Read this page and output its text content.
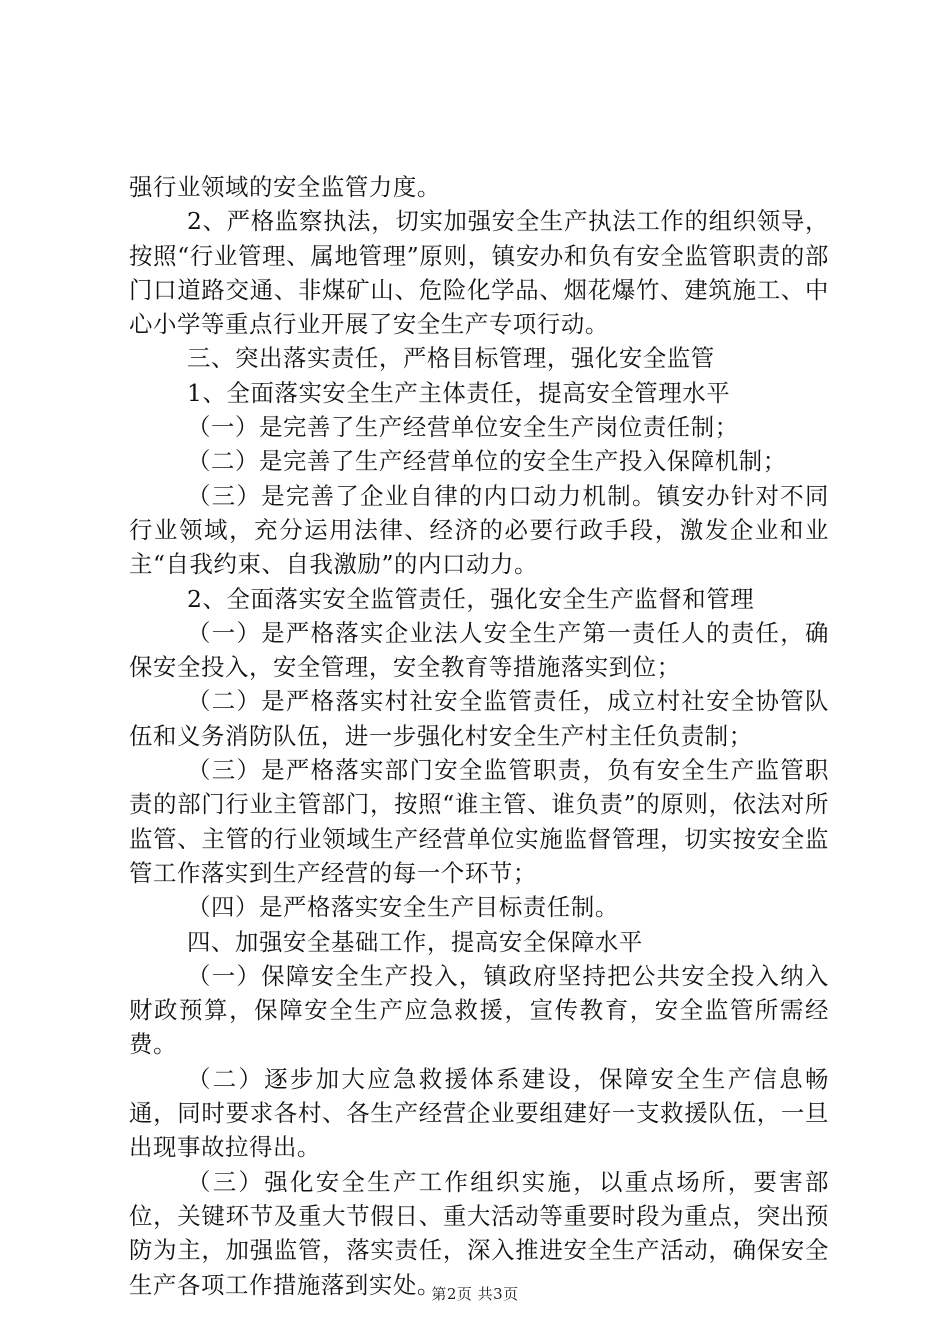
强行业领域的安全监管力度。

2、严格监察执法，切实加强安全生产执法工作的组织领导，按照“行业管理、属地管理”原则，镇安办和负有安全监管职责的部门口道路交通、非煤矿山、危险化学品、烟花爆竹、建筑施工、中心小学等重点行业开展了安全生产专项行动。

三、突出落实责任，严格目标管理，强化安全监管

1、全面落实安全生产主体责任，提高安全管理水平

（一）是完善了生产经营单位安全生产岗位责任制；

（二）是完善了生产经营单位的安全生产投入保障机制；

（三）是完善了企业自律的内口动力机制。镇安办针对不同行业领域，充分运用法律、经济的必要行政手段，激发企业和业主“自我约束、自我激励”的内口动力。

2、全面落实安全监管责任，强化安全生产监督和管理

（一）是严格落实企业法人安全生产第一责任人的责任，确保安全投入，安全管理，安全教育等措施落实到位；

（二）是严格落实村社安全监管责任，成立村社安全协管队伍和义务消防队伍，进一步强化村安全生产村主任负责制；

（三）是严格落实部门安全监管职责，负有安全生产监管职责的部门行业主管部门，按照“谁主管、谁负责”的原则，依法对所监管、主管的行业领域生产经营单位实施监督管理，切实按安全监管工作落实到生产经营的每一个环节；

（四）是严格落实安全生产目标责任制。

四、加强安全基础工作，提高安全保障水平

（一）保障安全生产投入，镇政府坚持把公共安全投入纳入财政预算，保障安全生产应急救援，宣传教育，安全监管所需经费。

（二）逐步加大应急救援体系建设，保障安全生产信息畅通，同时要求各村、各生产经营企业要组建好一支救援队伍，一旦出现事故拉得出。

（三）强化安全生产工作组织实施，以重点场所，要害部位，关键环节及重大节假日、重大活动等重要时段为重点，突出预防为主，加强监管，落实责任，深入推进安全生产活动，确保安全生产各项工作措施落到实处。

第2页 共3页
